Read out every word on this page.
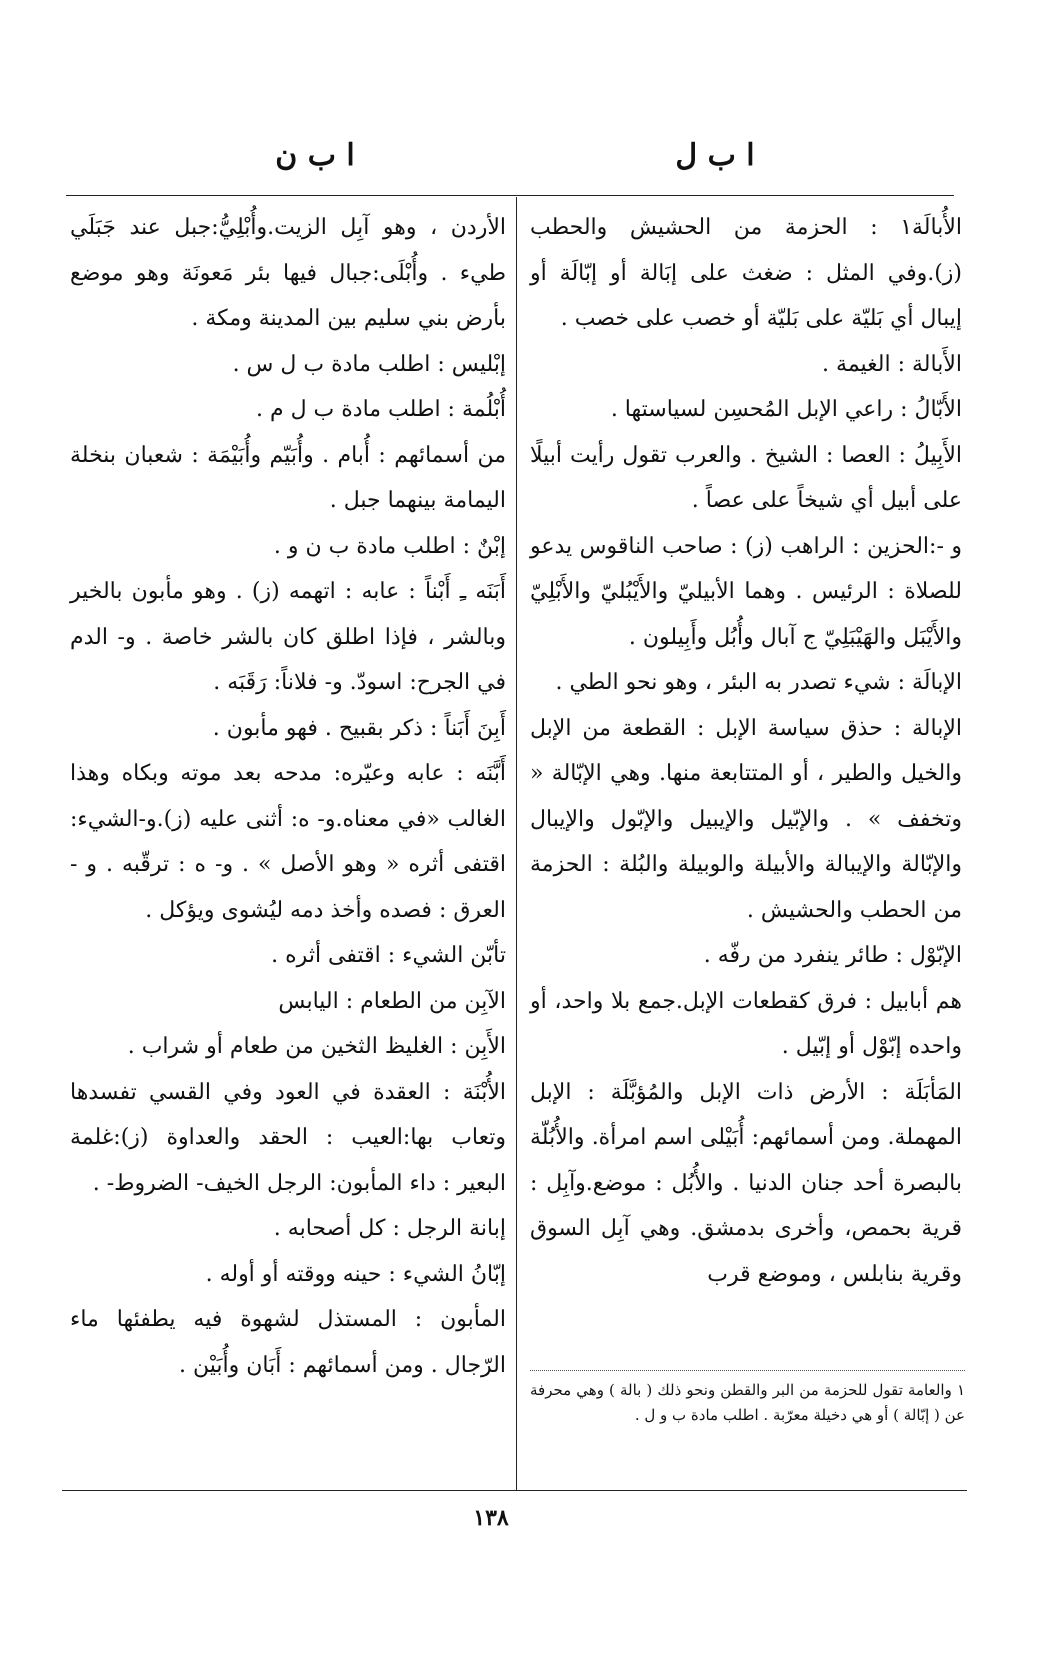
ا ب ل
ا ب ن

الأُبالَة١ : الحزمة من الحشيش والحطب (ز).وفي المثل : ضغث على إبَالة أو إبّالَة أو إيبال أي بَليّة على بَليّة أو خصب على خصب .

الأَبالة : الغيمة .

الأَبّالُ : راعي الإبل المُحسِن لسياستها .

الأَبِيلُ : العصا : الشيخ . والعرب تقول رأيت أبيلًا على أبيل أي شيخاً على عصاً .

و -:الحزين : الراهب (ز) : صاحب الناقوس يدعو للصلاة : الرئيس . وهما الأبيليّ والأَيْبُليّ والأَبْلِيّ والأَيْبَل والهَيْبَلِيّ ج آبال وأُبُل وأَبِيلون .

الإبالَة : شيء تصدر به البئر ، وهو نحو الطي .

الإبالة : حذق سياسة الإبل : القطعة من الإبل والخيل والطير ، أو المتتابعة منها. وهي الإبّالة « وتخفف » . والإبّيل والإيبيل والإبّول والإيبال والإبّالة والإيبالة والأبيلة والوبيلة والبُلة : الحزمة من الحطب والحشيش .

الإبّوْل : طائر ينفرد من رفّه .

هم أبابيل : فرق كقطعات الإبل.جمع بلا واحد، أو واحده إبّوْل أو إبّيل .

المَأبَلَة : الأرض ذات الإبل والمُؤبَّلَة : الإبل المهملة. ومن أسمائهم: أُبَيْلى اسم امرأة. والأُبُلّة بالبصرة أحد جنان الدنيا . والأُبُل : موضع.وآبِل : قرية بحمص، وأخرى بدمشق. وهي آبِل السوق وقرية بنابلس ، وموضع قرب

١ والعامة تقول للحزمة من البر والقطن ونحو ذلك ( بالة ) وهي محرفة عن ( إبّالة ) أو هي دخيلة معرّبة . اطلب مادة ب و ل .

الأردن ، وهو آبِل الزيت.وأُبْلِيُّ:جبل عند جَبَلَي طيء . وأُبْلَى:جبال فيها بئر مَعونَة وهو موضع بأرض بني سليم بين المدينة ومكة .

إبْليس : اطلب مادة ب ل س .

أُبْلُمة : اطلب مادة ب ل م .

من أسمائهم : أُبام . وأُبَيّم وأُبَيْمَة : شعبان بنخلة اليمامة بينهما جبل .

إبْنٌ : اطلب مادة ب ن و .

أَبَنَه ـِ أَبْناً : عابه : اتهمه (ز) . وهو مأبون بالخير وبالشر ، فإذا اطلق كان بالشر خاصة . و- الدم في الجرح: اسودّ. و- فلاناً: رَقَبَه .

أَبِنَ أَبَناً : ذكر بقبيح . فهو مأبون .

أَبَّنَه : عابه وعيّره: مدحه بعد موته وبكاه وهذا الغالب «في معناه.و- ه: أثنى عليه (ز).و-الشيء: اقتفى أثره « وهو الأصل » . و- ه : ترقّبه . و - العرق : فصده وأخذ دمه ليُشوى ويؤكل .

تأبّن الشيء : اقتفى أثره .

الآبِن من الطعام : اليابس

الأَبِن : الغليظ الثخين من طعام أو شراب .

الأُبْنَة : العقدة في العود وفي القسي تفسدها وتعاب بها:العيب : الحقد والعداوة (ز):غلمة البعير : داء المأبون: الرجل الخيف- الضروط- .

إبانة الرجل : كل أصحابه .

إبّانُ الشيء : حينه ووقته أو أوله .

المأبون : المستذل لشهوة فيه يطفئها ماء الرّجال . ومن أسمائهم : أَبَان وأُبَيْن .

١٣٨
